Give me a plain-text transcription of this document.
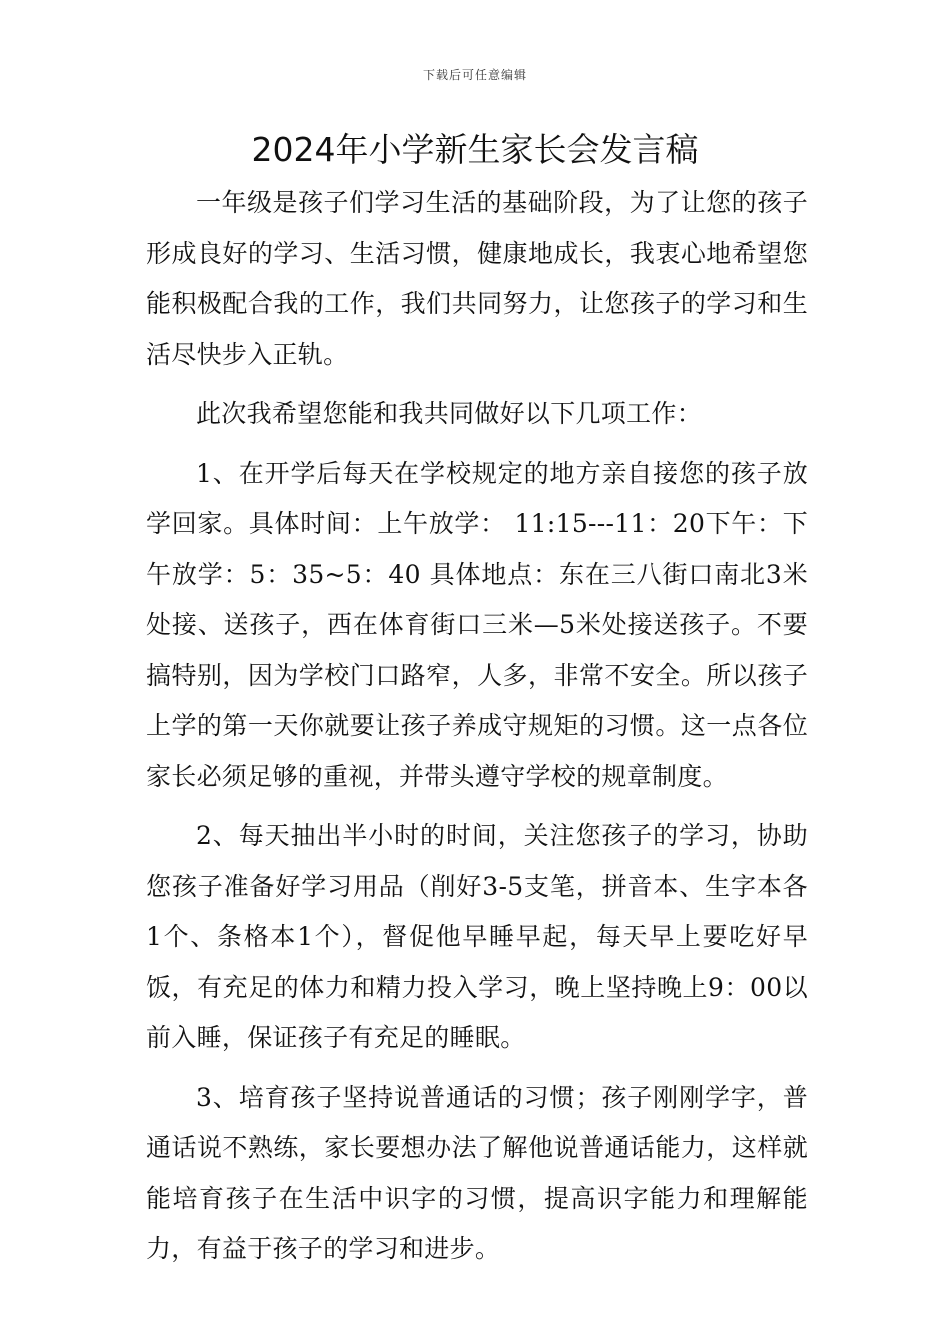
下载后可任意编辑
2024年小学新生家长会发言稿

一年级是孩子们学习生活的基础阶段，为了让您的孩子形成良好的学习、生活习惯，健康地成长，我衷心地希望您能积极配合我的工作，我们共同努力，让您孩子的学习和生活尽快步入正轨。

此次我希望您能和我共同做好以下几项工作：

1、在开学后每天在学校规定的地方亲自接您的孩子放学回家。具体时间：上午放学： 11:15---11：20下午：下午放学：5：35~5：40 具体地点：东在三八街口南北3米处接、送孩子，西在体育街口三米—5米处接送孩子。不要搞特别，因为学校门口路窄，人多，非常不安全。所以孩子上学的第一天你就要让孩子养成守规矩的习惯。这一点各位家长必须足够的重视，并带头遵守学校的规章制度。

2、每天抽出半小时的时间，关注您孩子的学习，协助您孩子准备好学习用品（削好3-5支笔，拼音本、生字本各1个、条格本1个），督促他早睡早起，每天早上要吃好早饭，有充足的体力和精力投入学习，晚上坚持晚上9：00以前入睡，保证孩子有充足的睡眠。

3、培育孩子坚持说普通话的习惯；孩子刚刚学字，普通话说不熟练，家长要想办法了解他说普通话能力，这样就能培育孩子在生活中识字的习惯，提高识字能力和理解能力，有益于孩子的学习和进步。
